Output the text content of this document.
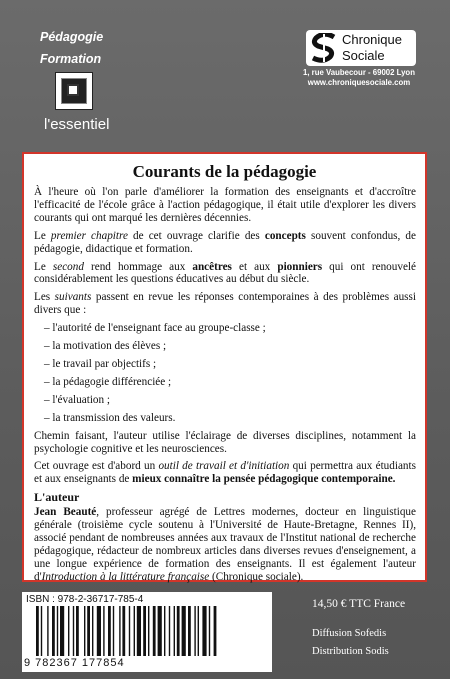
Pédagogie
Formation
l'essentiel
Chronique
Sociale
1, rue Vaubecour - 69002 Lyon
www.chroniquesociale.com
Courants de la pédagogie

À l'heure où l'on parle d'améliorer la formation des enseignants et d'accroître l'efficacité de l'école grâce à l'action pédagogique, il était utile d'explorer les divers courants qui ont marqué les dernières décennies.

Le premier chapitre de cet ouvrage clarifie des concepts souvent confondus, de pédagogie, didactique et formation.

Le second rend hommage aux ancêtres et aux pionniers qui ont renouvelé considérablement les questions éducatives au début du siècle.

Les suivants passent en revue les réponses contemporaines à des problèmes aussi divers que :

– l'autorité de l'enseignant face au groupe-classe ;
– la motivation des élèves ;
– le travail par objectifs ;
– la pédagogie différenciée ;
– l'évaluation ;
– la transmission des valeurs.

Chemin faisant, l'auteur utilise l'éclairage de diverses disciplines, notamment la psychologie cognitive et les neurosciences.

Cet ouvrage est d'abord un outil de travail et d'initiation qui permettra aux étudiants et aux enseignants de mieux connaître la pensée pédagogique contemporaine.

L'auteur

Jean Beauté, professeur agrégé de Lettres modernes, docteur en linguistique générale (troisième cycle soutenu à l'Université de Haute-Bretagne, Rennes II), associé pendant de nombreuses années aux travaux de l'Institut national de recherche pédagogique, rédacteur de nombreux articles dans diverses revues d'enseignement, a une longue expérience de formation des enseignants. Il est également l'auteur d'Introduction à la littérature française (Chronique sociale).

ISBN : 978-2-36717-785-4
9 782367 177854
14,50 € TTC France
Diffusion Sofedis
Distribution Sodis
